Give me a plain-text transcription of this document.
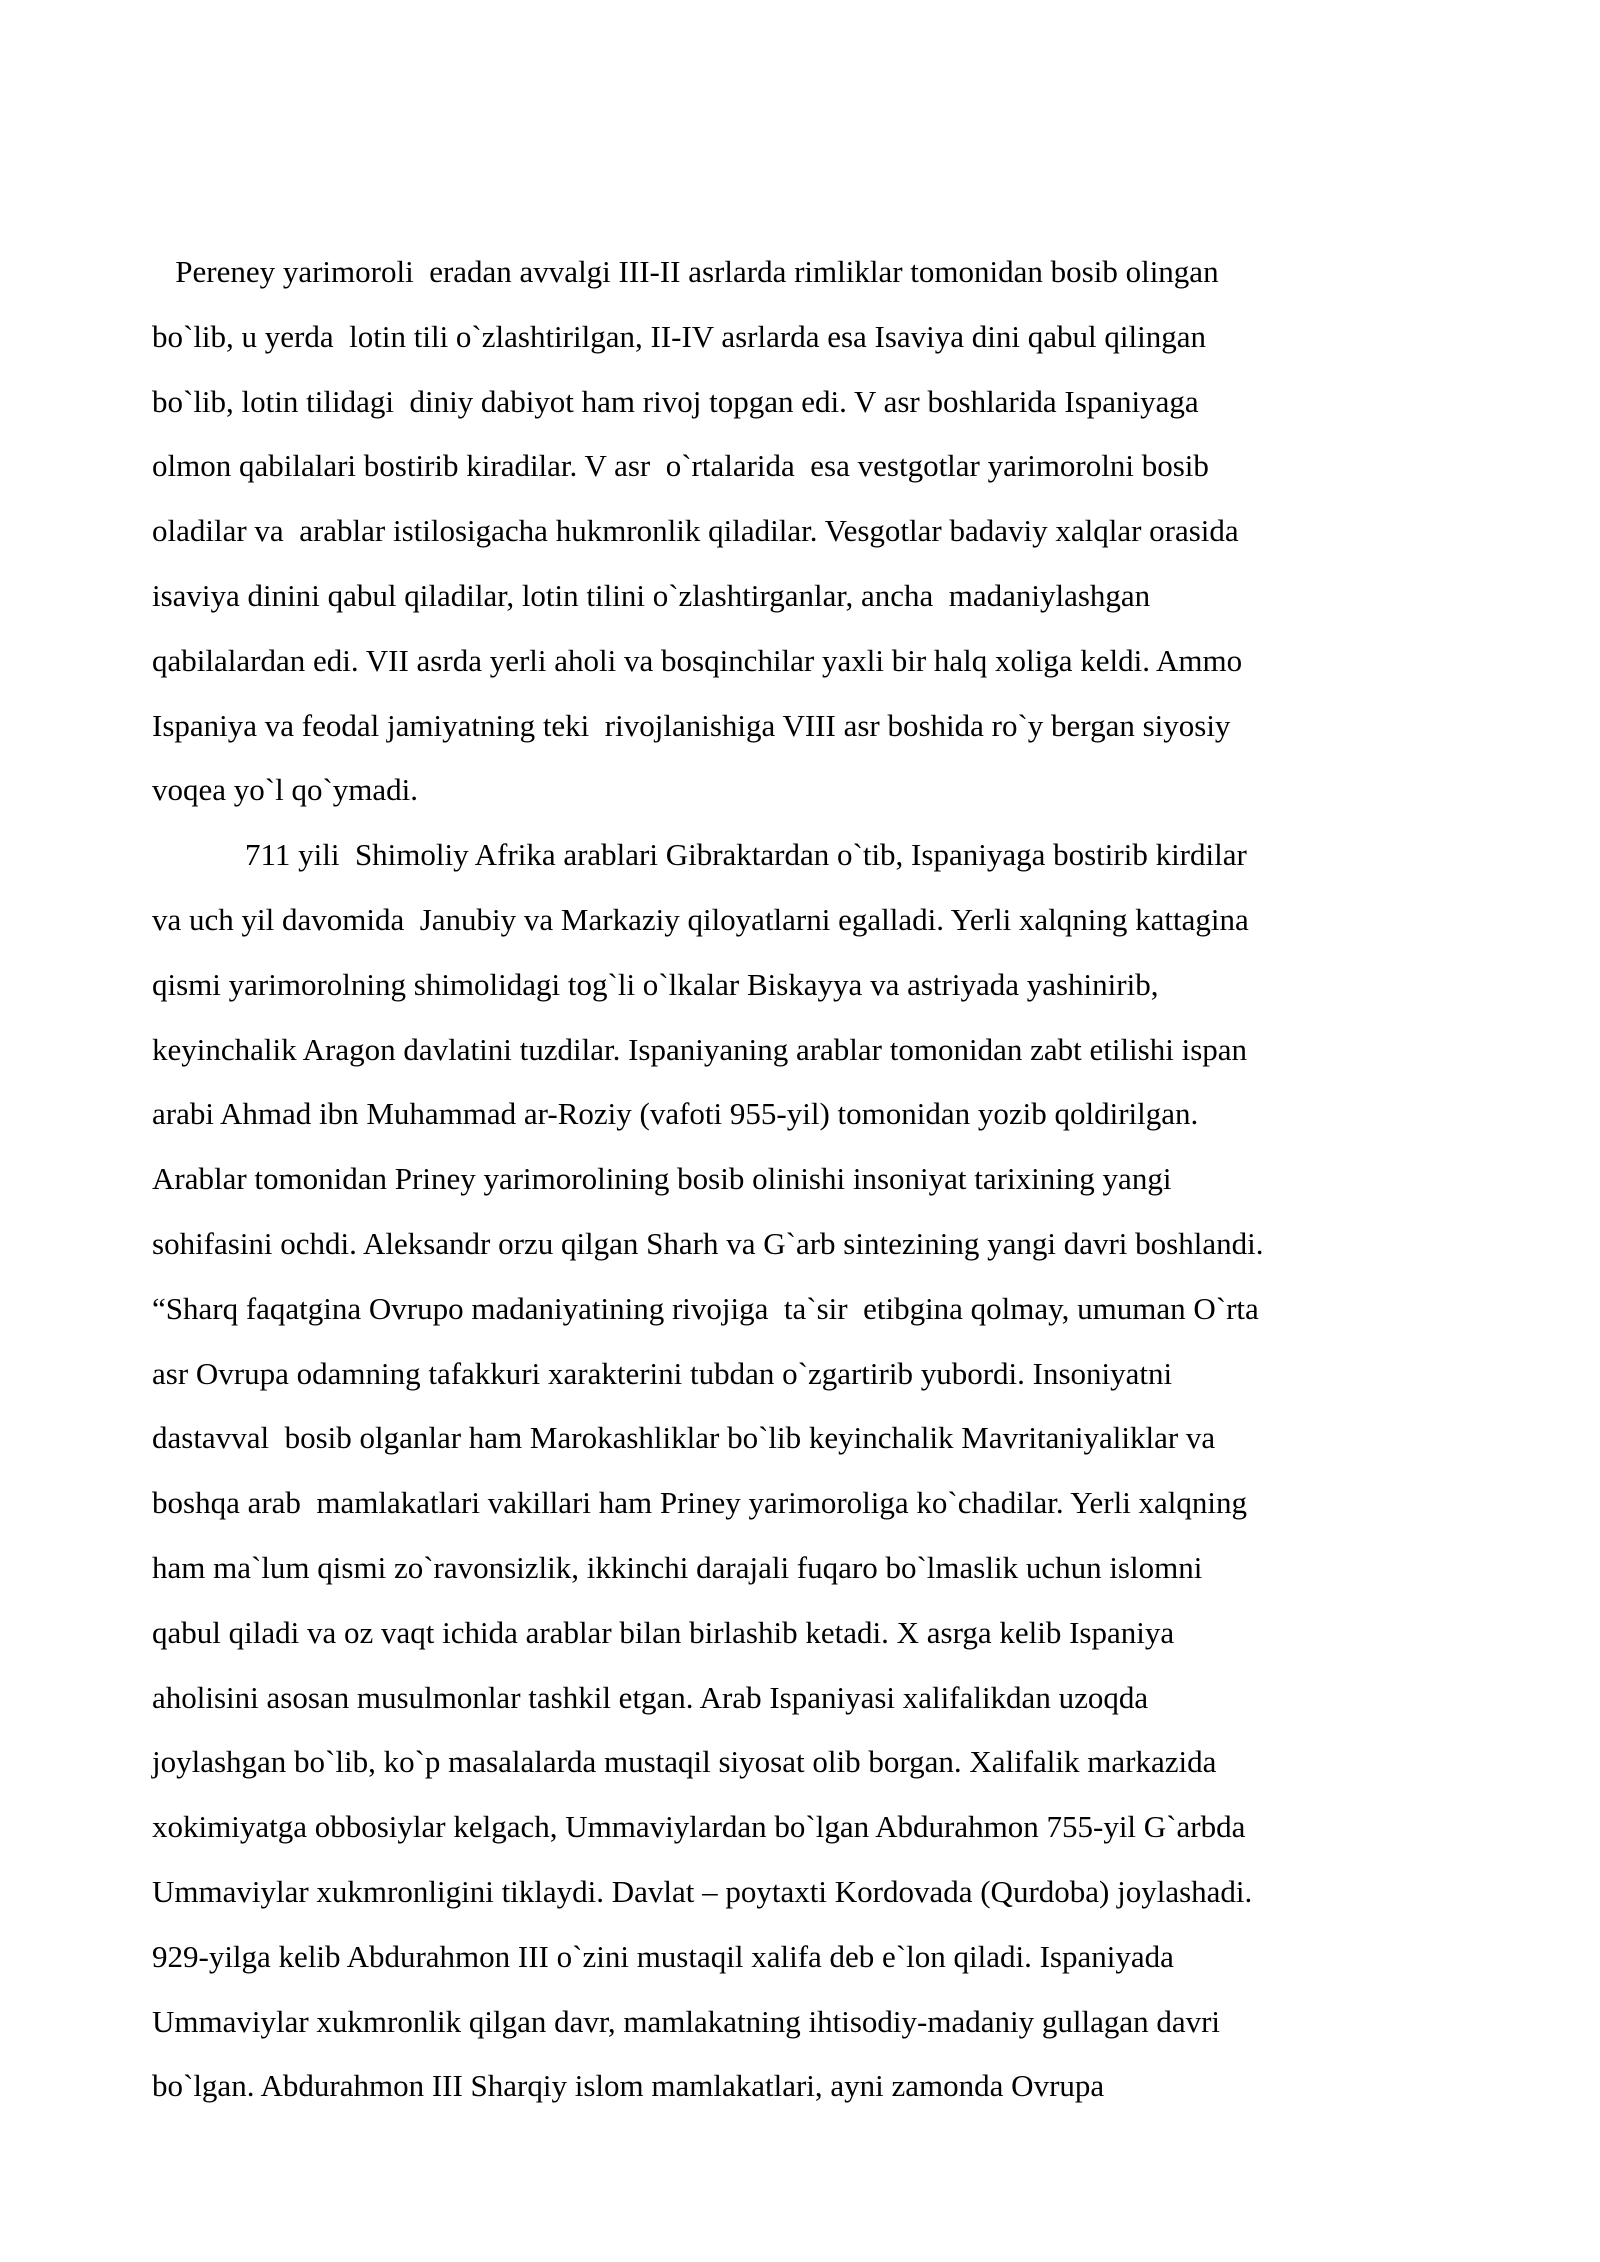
Pereney yarimoroli  eradan avvalgi III-II asrlarda rimliklar tomonidan bosib olingan
bo`lib, u yerda  lotin tili o`zlashtirilgan, II-IV asrlarda esa Isaviya dini qabul qilingan
bo`lib, lotin tilidagi  diniy dabiyot ham rivoj topgan edi. V asr boshlarida Ispaniyaga
olmon qabilalari bostirib kiradilar. V asr  o`rtalarida  esa vestgotlar yarimorolni bosib
oladilar va  arablar istilosigacha hukmronlik qiladilar. Vesgotlar badaviy xalqlar orasida
isaviya dinini qabul qiladilar, lotin tilini o`zlashtirganlar, ancha  madaniylashgan
qabilalardan edi. VII asrda yerli aholi va bosqinchilar yaxli bir halq xoliga keldi. Ammo
Ispaniya va feodal jamiyatning teki  rivojlanishiga VIII asr boshida ro`y bergan siyosiy
voqea yo`l qo`ymadi.
711 yili  Shimoliy Afrika arablari Gibraktardan o`tib, Ispaniyaga bostirib kirdilar
va uch yil davomida  Janubiy va Markaziy qiloyatlarni egalladi. Yerli xalqning kattagina
qismi yarimorolning shimolidagi tog`li o`lkalar Biskayya va astriyada yashinirib,
keyinchalik Aragon davlatini tuzdilar. Ispaniyaning arablar tomonidan zabt etilishi ispan
arabi Ahmad ibn Muhammad ar-Roziy (vafoti 955-yil) tomonidan yozib qoldirilgan.
Arablar tomonidan Priney yarimorolining bosib olinishi insoniyat tarixining yangi
sohifasini ochdi. Aleksandr orzu qilgan Sharh va G`arb sintezining yangi davri boshlandi.
“Sharq faqatgina Ovrupo madaniyatining rivojiga  ta`sir  etibgina qolmay, umuman O`rta
asr Ovrupa odamning tafakkuri xarakterini tubdan o`zgartirib yubordi. Insoniyatni
dastavval  bosib olganlar ham Marokashliklar bo`lib keyinchalik Mavritaniyaliklar va
boshqa arab  mamlakatlari vakillari ham Priney yarimoroliga ko`chadilar. Yerli xalqning
ham ma`lum qismi zo`ravonsizlik, ikkinchi darajali fuqaro bo`lmaslik uchun islomni
qabul qiladi va oz vaqt ichida arablar bilan birlashib ketadi. X asrga kelib Ispaniya
aholisini asosan musulmonlar tashkil etgan. Arab Ispaniyasi xalifalikdan uzoqda
joylashgan bo`lib, ko`p masalalarda mustaqil siyosat olib borgan. Xalifalik markazida
xokimiyatga obbosiylar kelgach, Ummaviylardan bo`lgan Abdurahmon 755-yil G`arbda
Ummaviylar xukmronligini tiklaydi. Davlat – poytaxti Kordovada (Qurdoba) joylashadi.
929-yilga kelib Abdurahmon III o`zini mustaqil xalifa deb e`lon qiladi. Ispaniyada
Ummaviylar xukmronlik qilgan davr, mamlakatning ihtisodiy-madaniy gullagan davri
bo`lgan. Abdurahmon III Sharqiy islom mamlakatlari, ayni zamonda Ovrupa
